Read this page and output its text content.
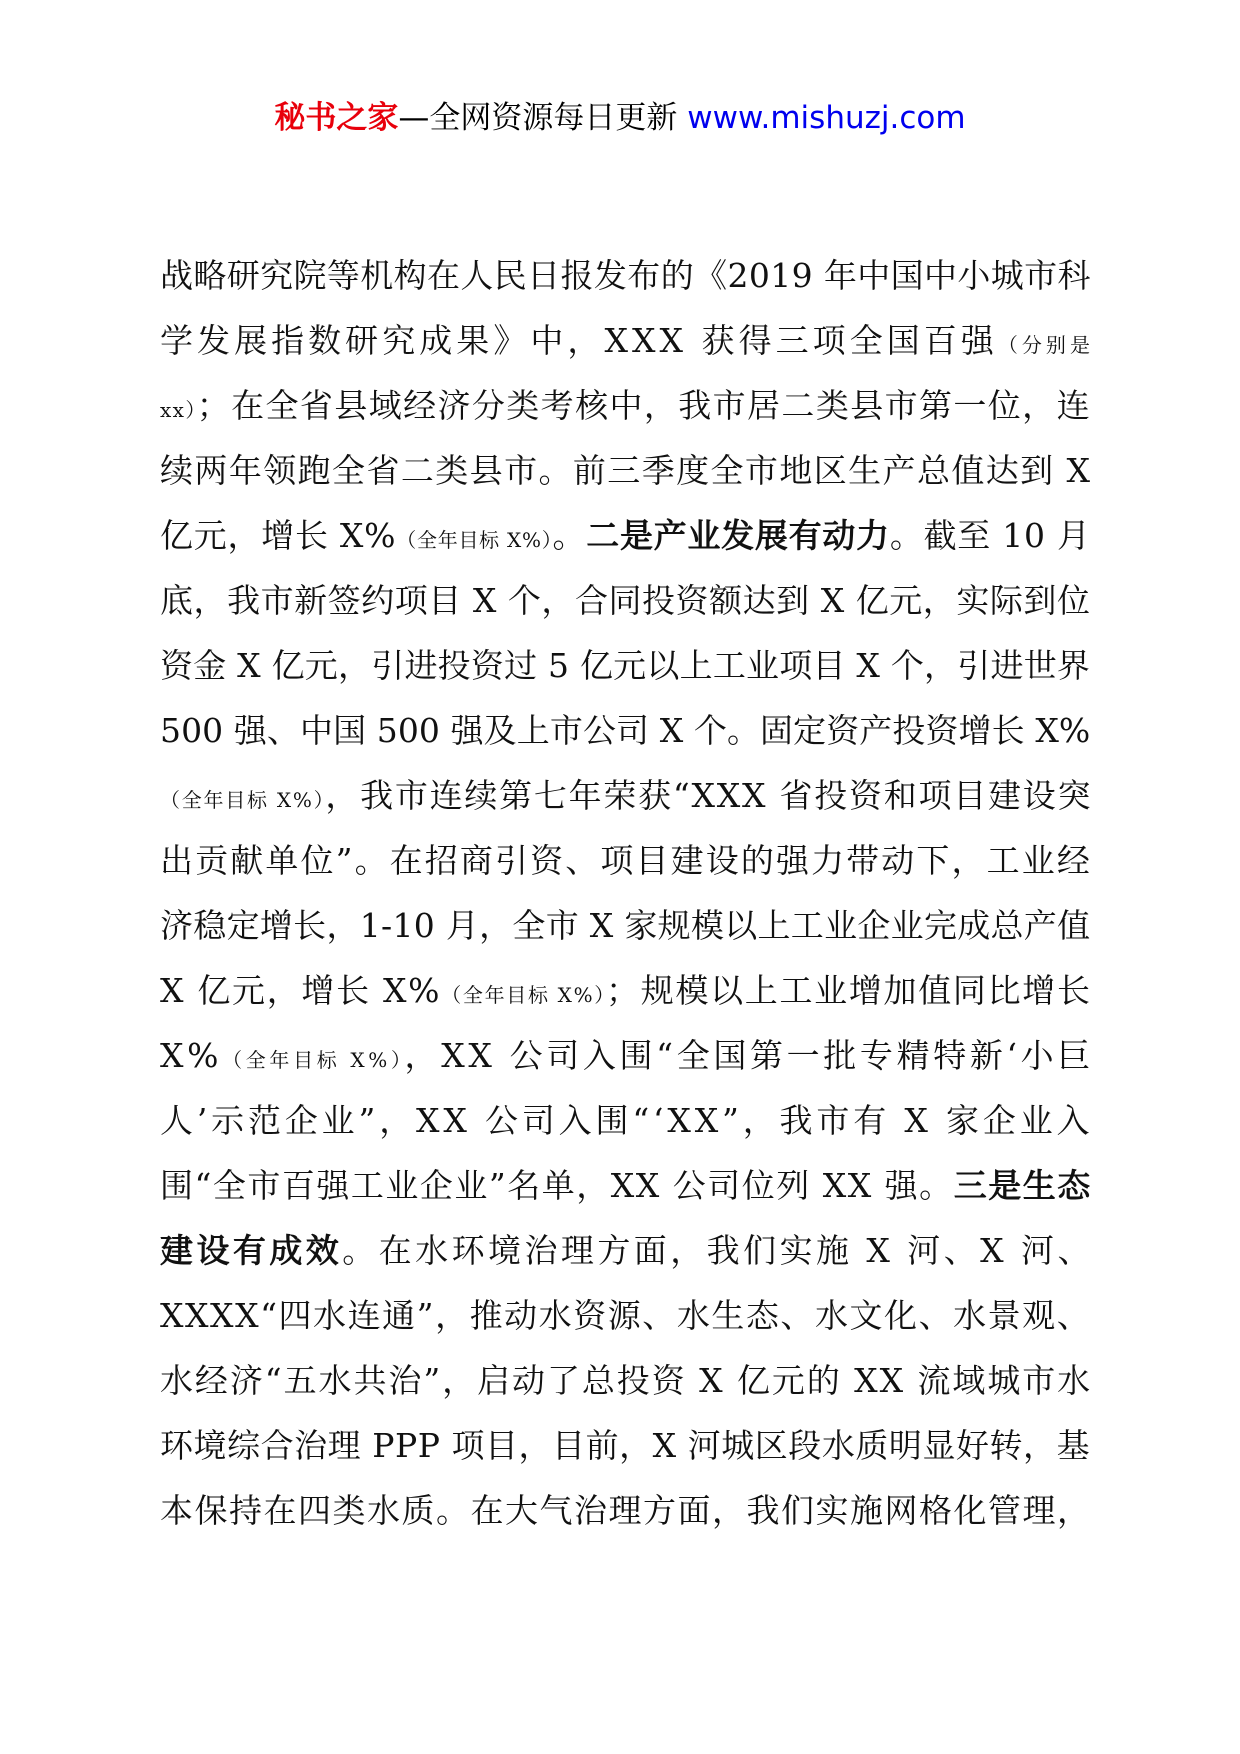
秘书之家—全网资源每日更新 www.mishuzj.com
战略研究院等机构在人民日报发布的《2019 年中国中小城市科
学发展指数研究成果》中，XXX 获得三项全国百强（分别是
xx）；在全省县域经济分类考核中，我市居二类县市第一位，连
续两年领跑全省二类县市。前三季度全市地区生产总值达到 X
亿元，增长 X%（全年目标 X%）。二是产业发展有动力。截至 10 月
底，我市新签约项目 X 个，合同投资额达到 X 亿元，实际到位
资金 X 亿元，引进投资过 5 亿元以上工业项目 X 个，引进世界
500 强、中国 500 强及上市公司 X 个。固定资产投资增长 X%
（全年目标 X%），我市连续第七年荣获“XXX 省投资和项目建设突
出贡献单位”。在招商引资、项目建设的强力带动下，工业经
济稳定增长，1-10 月，全市 X 家规模以上工业企业完成总产值
X 亿元，增长 X%（全年目标 X%）；规模以上工业增加值同比增长
X%（全年目标 X%），XX 公司入围“全国第一批专精特新‘小巨
人’示范企业”，XX 公司入围“‘XX”，我市有 X 家企业入
围“全市百强工业企业”名单，XX 公司位列 XX 强。三是生态
建设有成效。在水环境治理方面，我们实施 X 河、X 河、
XXXX“四水连通”，推动水资源、水生态、水文化、水景观、
水经济“五水共治”，启动了总投资 X 亿元的 XX 流域城市水
环境综合治理 PPP 项目，目前，X 河城区段水质明显好转，基
本保持在四类水质。在大气治理方面，我们实施网格化管理，
